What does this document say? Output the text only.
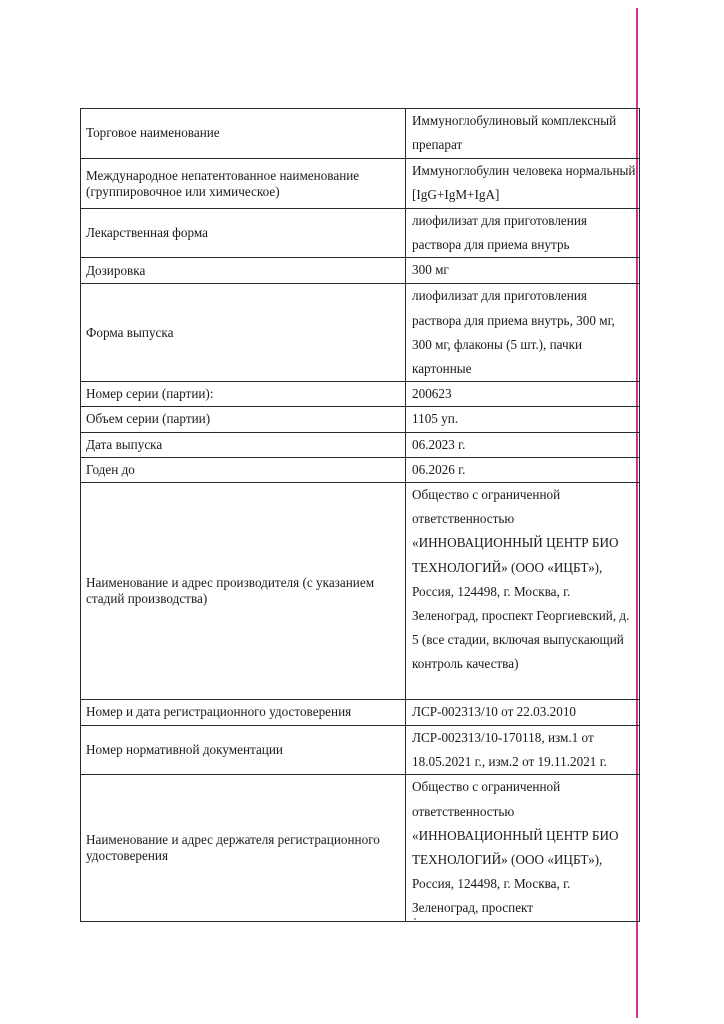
Торговое наименование	Иммуноглобулиновый комплексный препарат

Международное непатентованное наименование (группировочное или химическое)	Иммуноглобулин человека нормальный [IgG+IgM+IgA]
Лекарственная форма	лиофилизат для приготовления раствора для приема внутрь
Дозировка	300 мг
Форма выпуска	лиофилизат для приготовления раствора для приема внутрь, 300 мг, 300 мг, флаконы (5 шт.), пачки картонные
Номер серии (партии):	200623
Объем серии (партии)	1105 уп.
Дата выпуска	06.2023 г.
Годен до	06.2026 г.

Наименование и адрес производителя (с указанием стадий производства)	Общество с ограниченной ответственностью «ИННОВАЦИОННЫЙ ЦЕНТР БИО ТЕХНОЛОГИЙ» (ООО «ИЦБТ»), Россия, 124498, г. Москва, г. Зеленоград, проспект Георгиевский, д. 5 (все стадии, включая выпускающий контроль качества)
Номер и дата регистрационного удостоверения	ЛСР-002313/10 от 22.03.2010
Номер нормативной документации	ЛСР-002313/10-170118, изм.1 от 18.05.2021 г., изм.2 от 19.11.2021 г.

Наименование и адрес держателя регистрационного удостоверения	Общество с ограниченной ответственностью «ИННОВАЦИОННЫЙ ЦЕНТР БИО ТЕХНОЛОГИЙ» (ООО «ИЦБТ»), Россия, 124498, г. Москва, г. Зеленоград, проспект
